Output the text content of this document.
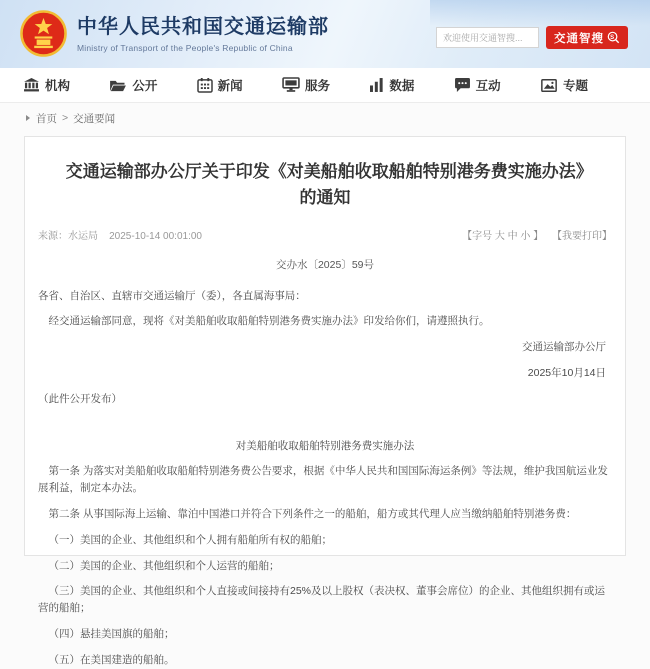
中华人民共和国交通运输部
Ministry of Transport of the People's Republic of China
欢迎使用交通智搜...
交通智搜 S
机构	公开	新闻	服务	数据	互动	专题
首页 > 交通要闻
交通运输部办公厅关于印发《对美船舶收取船舶特别港务费实施办法》的通知
来源：水运局 2025-10-14 00:01:00	【字号 大 中 小 】 【我要打印】
交办水〔2025〕59号

各省、自治区、直辖市交通运输厅（委），各直属海事局：

经交通运输部同意，现将《对美船舶收取船舶特别港务费实施办法》印发给你们，请遵照执行。

交通运输部办公厅

2025年10月14日

（此件公开发布）

对美船舶收取船舶特别港务费实施办法

第一条 为落实对美船舶收取船舶特别港务费公告要求，根据《中华人民共和国国际海运条例》等法规，维护我国航运业发展利益，制定本办法。

第二条 从事国际海上运输、靠泊中国港口并符合下列条件之一的船舶，船方或其代理人应当缴纳船舶特别港务费：

（一）美国的企业、其他组织和个人拥有船舶所有权的船舶；

（二）美国的企业、其他组织和个人运营的船舶；

（三）美国的企业、其他组织和个人直接或间接持有25%及以上股权（表决权、董事会席位）的企业、其他组织拥有或运营的船舶；

（四）悬挂美国旗的船舶；

（五）在美国建造的船舶。
